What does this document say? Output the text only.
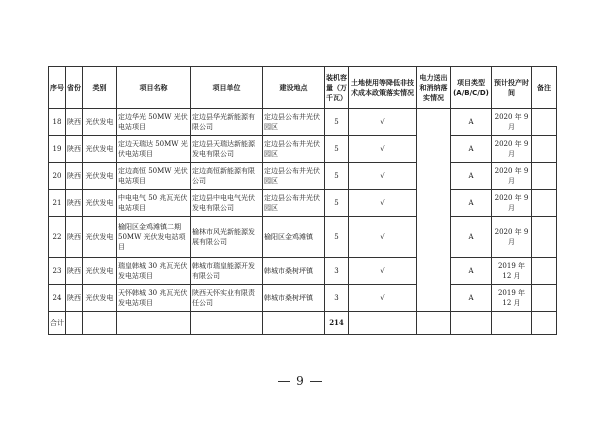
序号	省份	类别	项目名称	项目单位	建设地点	装机容量（万千瓦）	土地使用等降低非技术成本政策落实情况	电力送出和消纳落实情况	项目类型(A/B/C/D)	预计投产时间	备注
18	陕西	光伏发电	定边华光 50MW 光伏电站项目	定边县华光新能源有限公司	定边县公布井光伏园区	5	√		A	2020 年 9 月	
19	陕西	光伏发电	定边天瑞达 50MW 光伏电站项目	定边县天瑞达新能源发电有限公司	定边县公布井光伏园区	5	√		A	2020 年 9 月	
20	陕西	光伏发电	定边高恒 50MW 光伏电站项目	定边高恒新能源有限公司	定边县公布井光伏园区	5	√		A	2020 年 9 月	
21	陕西	光伏发电	中电电气 50 兆瓦光伏电站项目	定边县中电电气光伏发电有限公司	定边县公布井光伏园区	5	√		A	2020 年 9 月	
22	陕西	光伏发电	榆阳区金鸡滩镇二期 50MW 光伏发电站项目	榆林市风光新能源发展有限公司	榆阳区金鸡滩镇	5	√		A	2020 年 9 月	
23	陕西	光伏发电	瑞皇韩城 30 兆瓦光伏发电站项目	韩城市瑞皇能源开发有限公司	韩城市桑树坪镇	3	√		A	2019 年 12 月	
24	陕西	光伏发电	天怀韩城 30 兆瓦光伏发电站项目	陕西天怀实业有限责任公司	韩城市桑树坪镇	3	√		A	2019 年 12 月	
合计						214					
9
